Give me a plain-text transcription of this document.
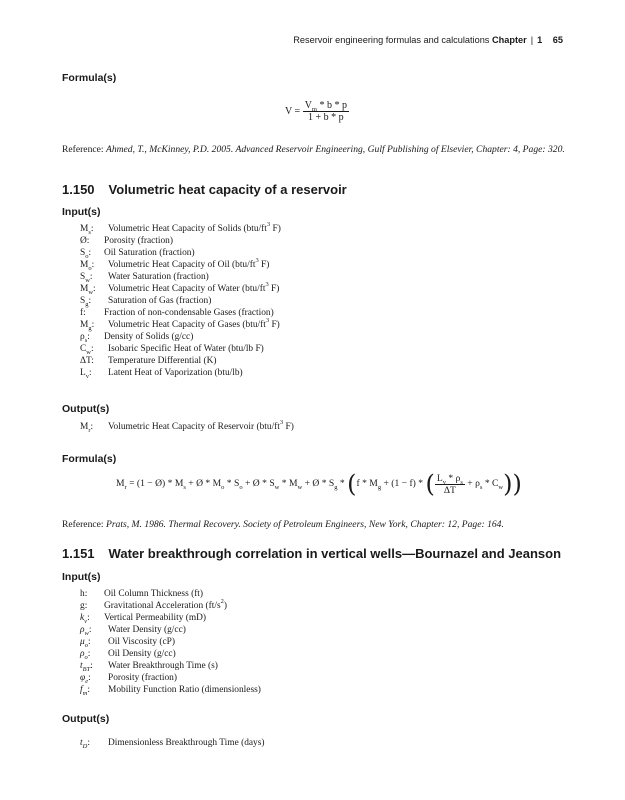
Reservoir engineering formulas and calculations Chapter | 1 65
Formula(s)
$V = \frac{V_m * b * p}{1 + b * p}$
Reference: Ahmed, T., McKinney, P.D. 2005. Advanced Reservoir Engineering, Gulf Publishing of Elsevier, Chapter: 4, Page: 320.
1.150 Volumetric heat capacity of a reservoir
Input(s)
$M_s$: Volumetric Heat Capacity of Solids ($btu/ft^3$ F)
Ø: Porosity (fraction)
$S_o$: Oil Saturation (fraction)
$M_o$: Volumetric Heat Capacity of Oil ($btu/ft^3$ F)
$S_w$: Water Saturation (fraction)
$M_w$: Volumetric Heat Capacity of Water ($btu/ft^3$ F)
$S_g$: Saturation of Gas (fraction)
f: Fraction of non-condensable Gases (fraction)
$M_g$: Volumetric Heat Capacity of Gases ($btu/ft^3$ F)
$\rho_s$: Density of Solids (g/cc)
$C_w$: Isobaric Specific Heat of Water (btu/lb F)
ΔT: Temperature Differential (K)
$L_v$: Latent Heat of Vaporization (btu/lb)
Output(s)
$M_r$: Volumetric Heat Capacity of Reservoir ($btu/ft^3$ F)
Formula(s)
$M_r = (1$ − Ø) * $M_s$ + Ø * $M_o * S_o$ + Ø * $S_w * M_w$ + Ø * $S_g * (f * M_g + (1 - f)$ * ( $\frac{L_v * \rho_s}{\Delta T} + \rho_s * C_w$))
Reference: Prats, M. 1986. Thermal Recovery. Society of Petroleum Engineers, New York, Chapter: 12, Page: 164.
1.151 Water breakthrough correlation in vertical wells—Bournazel and Jeanson
Input(s)
h: Oil Column Thickness (ft)
g: Gravitational Acceleration $(ft/s^2)$
$k_v$: Vertical Permeability (mD)
$\rho_w$: Water Density (g/cc)
$\mu_o$: Oil Viscosity (cP)
$\rho_o$: Oil Density (g/cc)
$t_{BT}$: Water Breakthrough Time (s)
$\varphi_e$: Porosity (fraction)
$f_m$: Mobility Function Ratio (dimensionless)
Output(s)
$t_D$: Dimensionless Breakthrough Time (days)
